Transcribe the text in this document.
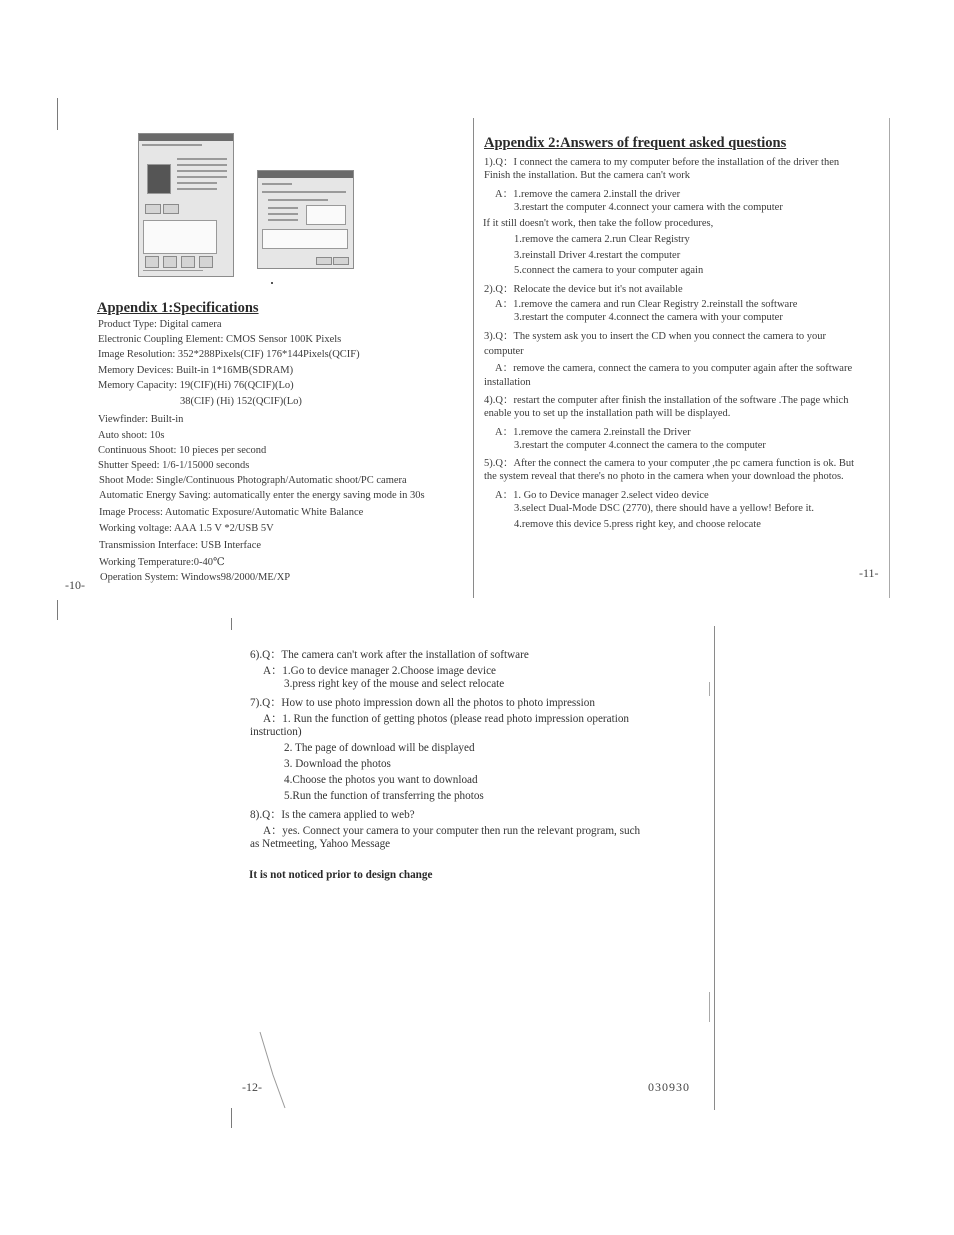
Appendix 1:Specifications
Product Type: Digital camera
Electronic Coupling Element: CMOS Sensor 100K Pixels
Image Resolution: 352*288Pixels(CIF) 176*144Pixels(QCIF)
Memory Devices: Built-in 1*16MB(SDRAM)
Memory Capacity: 19(CIF)(Hi) 76(QCIF)(Lo)
38(CIF) (Hi) 152(QCIF)(Lo)
Viewfinder: Built-in
Auto shoot: 10s
Continuous Shoot: 10 pieces per second
Shutter Speed: 1/6-1/15000 seconds
Shoot Mode: Single/Continuous Photograph/Automatic shoot/PC camera
Automatic Energy Saving: automatically enter the energy saving mode in 30s
Image Process: Automatic Exposure/Automatic White Balance
Working voltage: AAA 1.5 V *2/USB 5V
Transmission Interface: USB Interface
Working Temperature:0-40℃
Operation System: Windows98/2000/ME/XP
-10-
Appendix 2:Answers of frequent asked questions
1).Q：I connect the camera to my computer before the installation of the driver then
Finish the installation. But the camera can't work
A：1.remove the camera 2.install the driver
3.restart the computer 4.connect your camera with the computer
If it still doesn't work, then take the follow procedures,
1.remove the camera 2.run Clear Registry
3.reinstall Driver 4.restart the computer
5.connect the camera to your computer again
2).Q：Relocate the device but it's not available
A：1.remove the camera and run Clear Registry 2.reinstall the software
3.restart the computer 4.connect the camera with your computer
3).Q：The system ask you to insert the CD when you connect the camera to your
computer
A：remove the camera, connect the camera to you computer again after the software
installation
4).Q：restart the computer after finish the installation of the software .The page which
enable you to set up the installation path will be displayed.
A：1.remove the camera 2.reinstall the Driver
3.restart the computer 4.connect the camera to the computer
5).Q：After the connect the camera to your computer ,the pc camera function is ok. But
the system reveal that there's no photo in the camera when your download the photos.
A：1. Go to Device manager 2.select video device
3.select Dual-Mode DSC (2770), there should have a yellow! Before it.
4.remove this device 5.press right key, and choose relocate
-11-
6).Q：The camera can't work after the installation of software
A：1.Go to device manager 2.Choose image device
3.press right key of the mouse and select relocate
7).Q：How to use photo impression down all the photos to photo impression
A：1. Run the function of getting photos (please read photo impression operation
instruction)
2. The page of download will be displayed
3. Download the photos
4.Choose the photos you want to download
5.Run the function of transferring the photos
8).Q：Is the camera applied to web?
A：yes. Connect your camera to your computer then run the relevant program, such
as Netmeeting, Yahoo Message
It is not noticed prior to design change
-12-	030930
